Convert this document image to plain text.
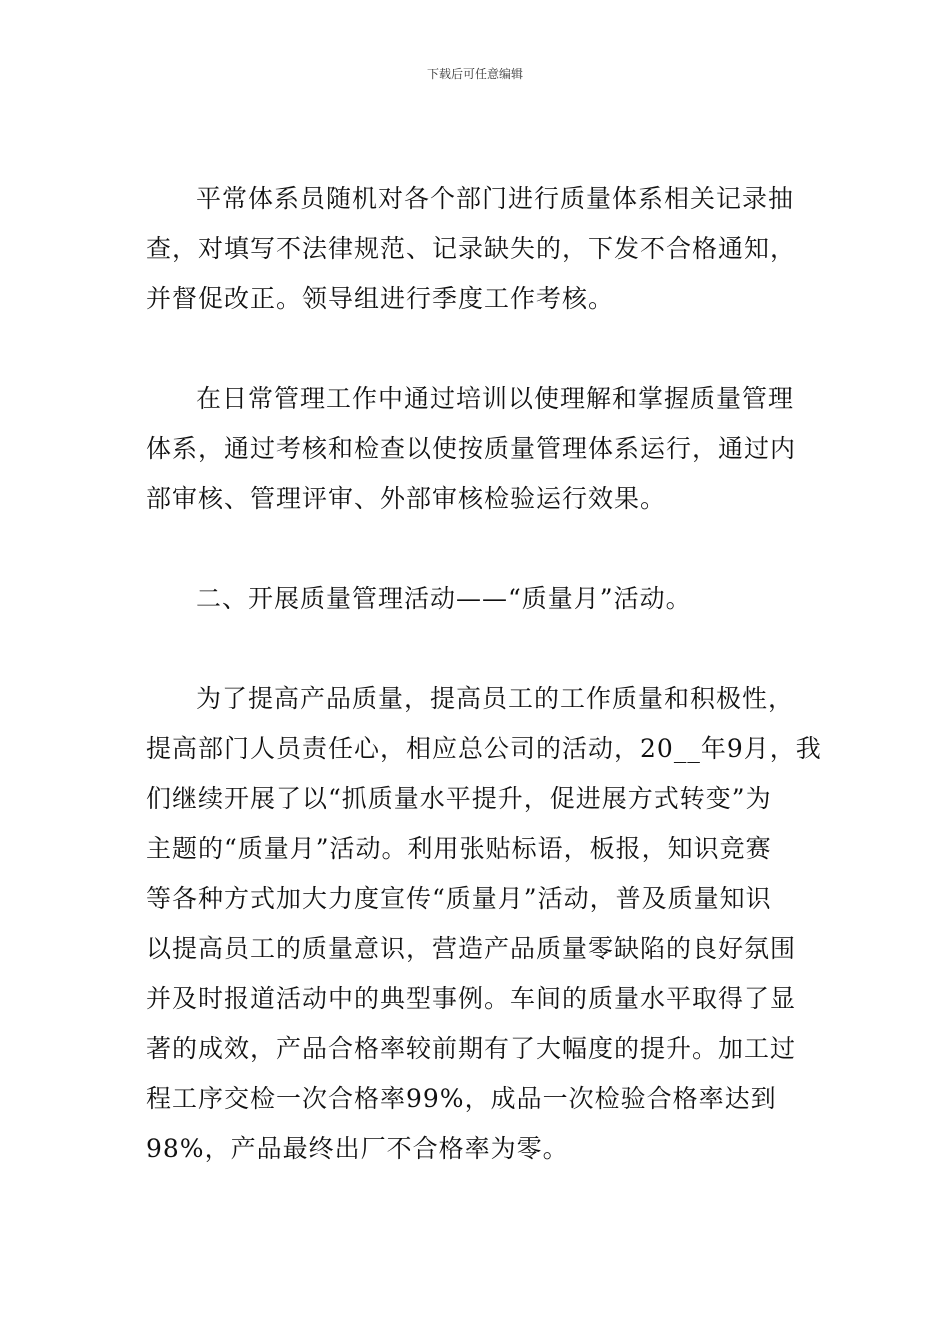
下载后可任意编辑

平常体系员随机对各个部门进行质量体系相关记录抽

查，对填写不法律规范、记录缺失的，下发不合格通知，
并督促改正。领导组进行季度工作考核。
在日常管理工作中通过培训以使理解和掌握质量管理
体系，通过考核和检查以使按质量管理体系运行，通过内
部审核、管理评审、外部审核检验运行效果。
二、开展质量管理活动——“质量月”活动。
为了提高产品质量，提高员工的工作质量和积极性，
提高部门人员责任心，相应总公司的活动，20__年9月，我
们继续开展了以“抓质量水平提升，促进展方式转变”为
主题的“质量月”活动。利用张贴标语，板报，知识竞赛
等各种方式加大力度宣传“质量月”活动，普及质量知识
以提高员工的质量意识，营造产品质量零缺陷的良好氛围
并及时报道活动中的典型事例。车间的质量水平取得了显
著的成效，产品合格率较前期有了大幅度的提升。加工过
程工序交检一次合格率99%，成品一次检验合格率达到
98%，产品最终出厂不合格率为零。
